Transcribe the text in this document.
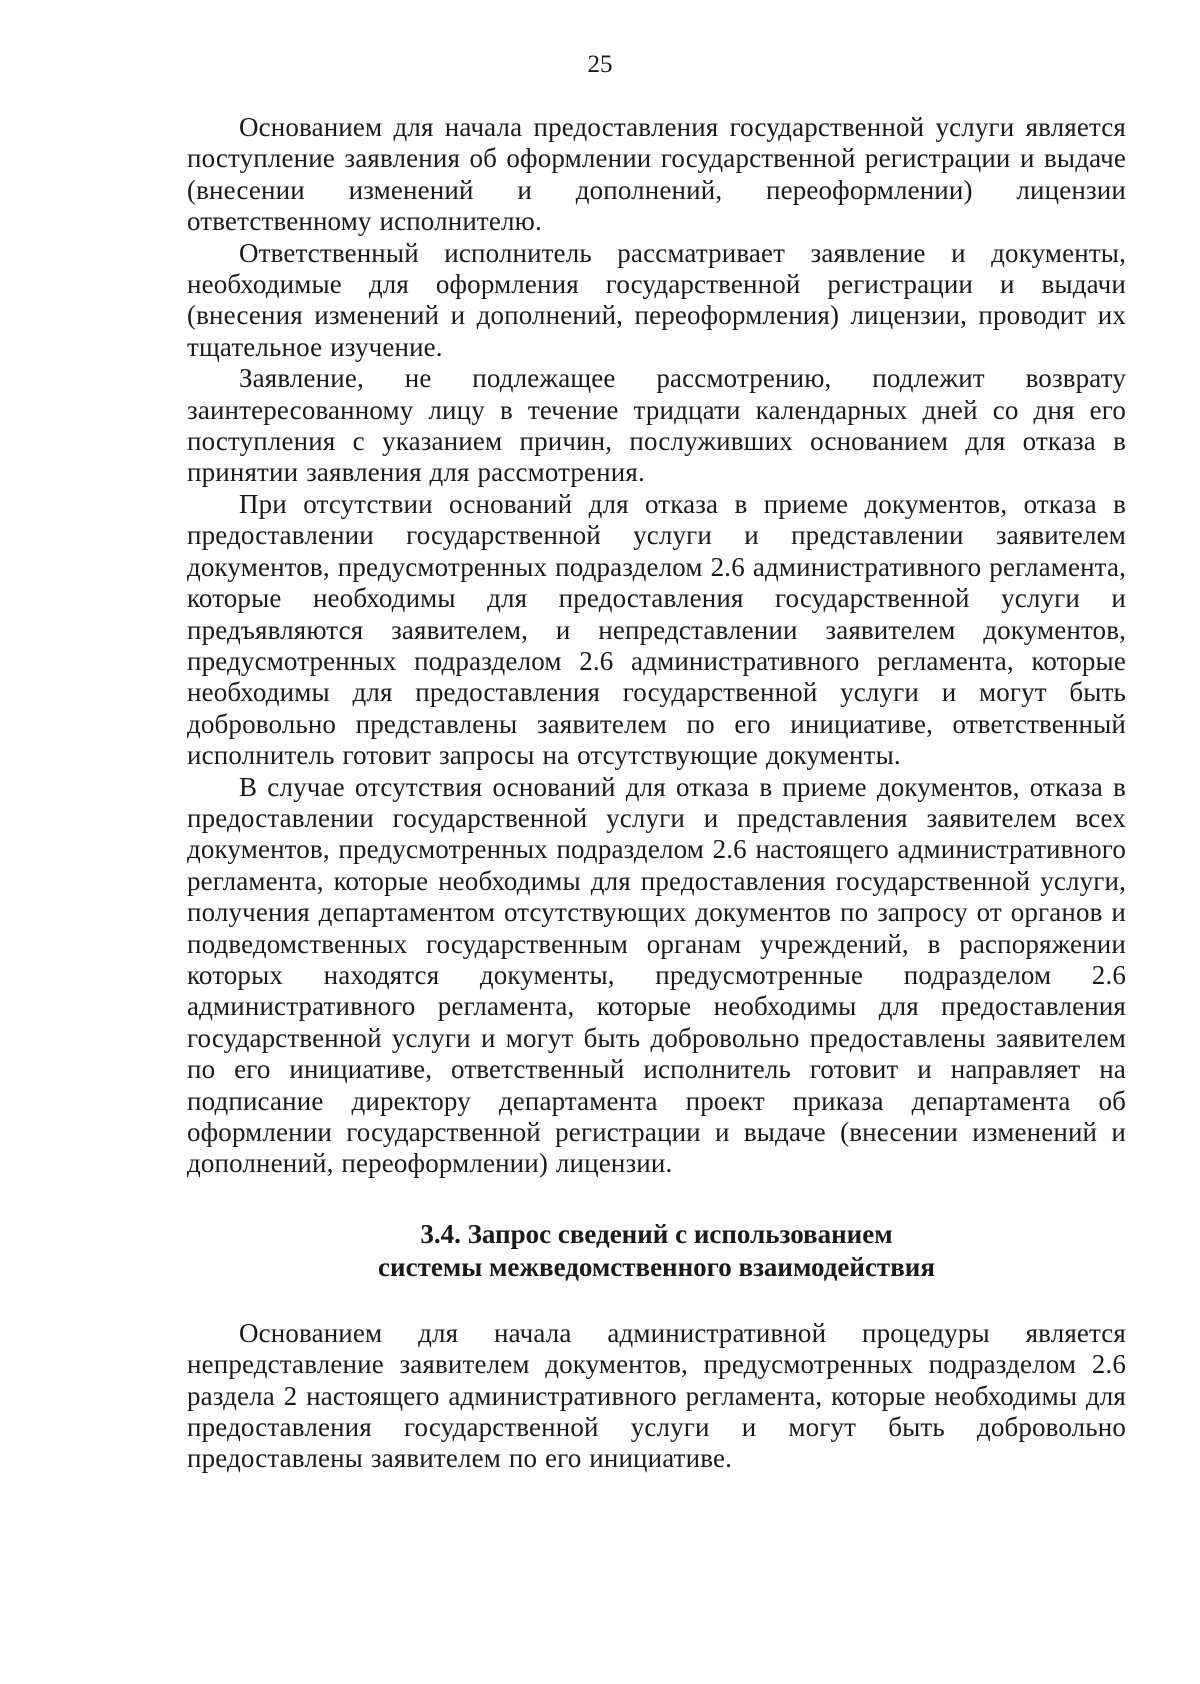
25

Основанием для начала предоставления государственной услуги является поступление заявления об оформлении государственной регистрации и выдаче (внесении изменений и дополнений, переоформлении) лицензии ответственному исполнителю.

Ответственный исполнитель рассматривает заявление и документы, необходимые для оформления государственной регистрации и выдачи (внесения изменений и дополнений, переоформления) лицензии, проводит их тщательное изучение.

Заявление, не подлежащее рассмотрению, подлежит возврату заинтересованному лицу в течение тридцати календарных дней со дня его поступления с указанием причин, послуживших основанием для отказа в принятии заявления для рассмотрения.

При отсутствии оснований для отказа в приеме документов, отказа в предоставлении государственной услуги и представлении заявителем документов, предусмотренных подразделом 2.6 административного регламента, которые необходимы для предоставления государственной услуги и предъявляются заявителем, и непредставлении заявителем документов, предусмотренных подразделом 2.6 административного регламента, которые необходимы для предоставления государственной услуги и могут быть добровольно представлены заявителем по его инициативе, ответственный исполнитель готовит запросы на отсутствующие документы.

В случае отсутствия оснований для отказа в приеме документов, отказа в предоставлении государственной услуги и представления заявителем всех документов, предусмотренных подразделом 2.6 настоящего административного регламента, которые необходимы для предоставления государственной услуги, получения департаментом отсутствующих документов по запросу от органов и подведомственных государственным органам учреждений, в распоряжении которых находятся документы, предусмотренные подразделом 2.6 административного регламента, которые необходимы для предоставления государственной услуги и могут быть добровольно предоставлены заявителем по его инициативе, ответственный исполнитель готовит и направляет на подписание директору департамента проект приказа департамента об оформлении государственной регистрации и выдаче (внесении изменений и дополнений, переоформлении) лицензии.

3.4. Запрос сведений с использованием
системы межведомственного взаимодействия

Основанием для начала административной процедуры является непредставление заявителем документов, предусмотренных подразделом 2.6 раздела 2 настоящего административного регламента, которые необходимы для предоставления государственной услуги и могут быть добровольно предоставлены заявителем по его инициативе.
